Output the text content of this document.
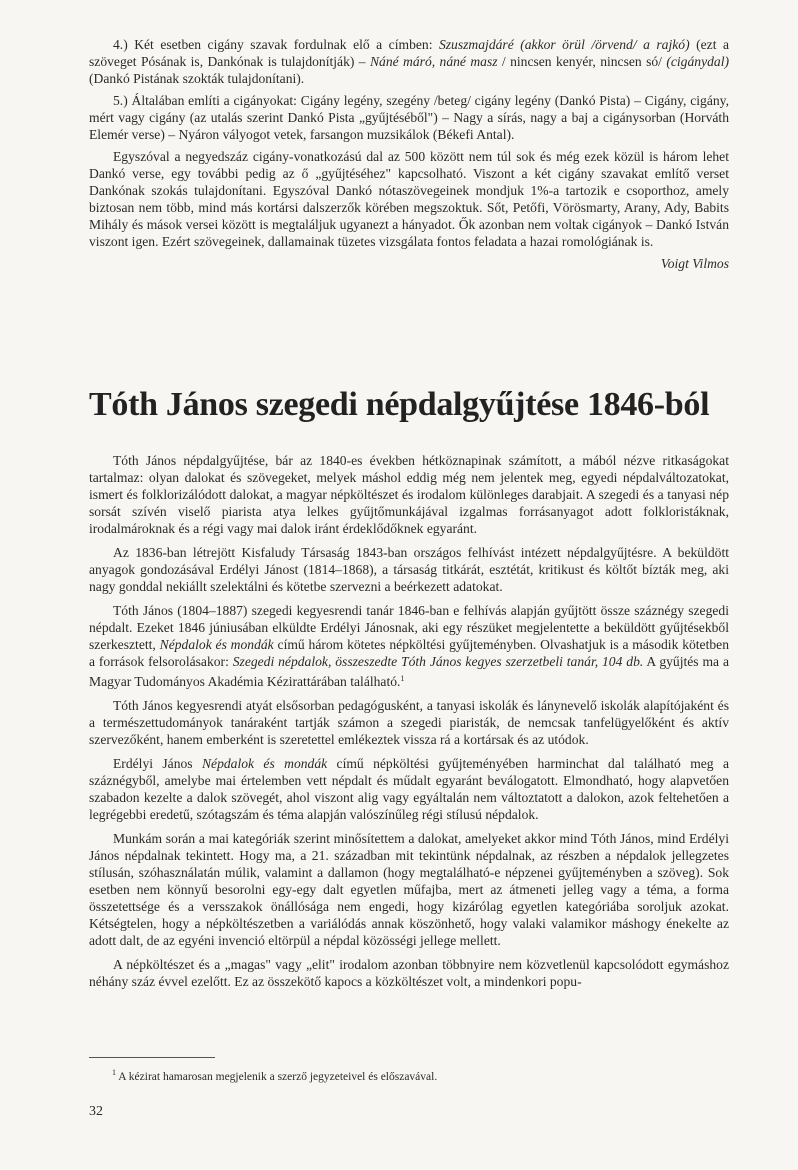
4.) Két esetben cigány szavak fordulnak elő a címben: Szuszmajdáré (akkor örül /örvend/ a rajkó) (ezt a szöveget Pósának is, Dankónak is tulajdonítják) – Náné máró, náné masz / nincsen kenyér, nincsen só/ (cigánydal) (Dankó Pistának szokták tulajdonítani).

5.) Általában említi a cigányokat: Cigány legény, szegény /beteg/ cigány legény (Dankó Pista) – Cigány, cigány, mért vagy cigány (az utalás szerint Dankó Pista „gyűjtéséből") – Nagy a sírás, nagy a baj a cigánysorban (Horváth Elemér verse) – Nyáron vályogot vetek, farsangon muzsikálok (Békefi Antal).

Egyszóval a negyedszáz cigány-vonatkozású dal az 500 között nem túl sok és még ezek közül is három lehet Dankó verse, egy további pedig az ő „gyűjtéséhez" kapcsolható. Viszont a két cigány szavakat említő verset Dankónak szokás tulajdonítani. Egyszóval Dankó nótaszövegeinek mondjuk 1%-a tartozik e csoporthoz, amely biztosan nem több, mind más kortársi dalszerzők körében megszoktuk. Sőt, Petőfi, Vörösmarty, Arany, Ady, Babits Mihály és mások versei között is megtaláljuk ugyanezt a hányadot. Ők azonban nem voltak cigányok – Dankó István viszont igen. Ezért szövegeinek, dallamainak tüzetes vizsgálata fontos feladata a hazai romológiának is.

Voigt Vilmos

Tóth János szegedi népdalgyűjtése 1846-ból

Tóth János népdalgyűjtése, bár az 1840-es években hétköznapinak számított, a mából nézve ritkaságokat tartalmaz: olyan dalokat és szövegeket, melyek máshol eddig még nem jelentek meg, egyedi népdalváltozatokat, ismert és folklorizálódott dalokat, a magyar népköltészet és irodalom különleges darabjait. A szegedi és a tanyasi nép sorsát szívén viselő piarista atya lelkes gyűjtőmunkájával izgalmas forrásanyagot adott folkloristáknak, irodalmároknak és a régi vagy mai dalok iránt érdeklődőknek egyaránt.

Az 1836-ban létrejött Kisfaludy Társaság 1843-ban országos felhívást intézett népdalgyűjtésre. A beküldött anyagok gondozásával Erdélyi Jánost (1814–1868), a társaság titkárát, esztétát, kritikust és költőt bízták meg, aki nagy gonddal nekiállt szelektálni és kötetbe szervezni a beérkezett adatokat.

Tóth János (1804–1887) szegedi kegyesrendi tanár 1846-ban e felhívás alapján gyűjtött össze száznégy szegedi népdalt. Ezeket 1846 júniusában elküldte Erdélyi Jánosnak, aki egy részüket megjelentette a beküldött gyűjtésekből szerkesztett, Népdalok és mondák című három kötetes népköltési gyűjteményben. Olvashatjuk is a második kötetben a források felsorolásakor: Szegedi népdalok, összeszedte Tóth János kegyes szerzetbeli tanár, 104 db. A gyűjtés ma a Magyar Tudományos Akadémia Kézirattárában található.$^1$

Tóth János kegyesrendi atyát elsősorban pedagógusként, a tanyasi iskolák és lánynevelő iskolák alapítójaként és a természettudományok tanáraként tartják számon a szegedi piaristák, de nemcsak tanfelügyelőként és aktív szervezőként, hanem emberként is szeretettel emlékeztek vissza rá a kortársak és az utódok.

Erdélyi János Népdalok és mondák című népköltési gyűjteményében harminchat dal található meg a száznégyből, amelybe mai értelemben vett népdalt és műdalt egyaránt beválogatott. Elmondható, hogy alapvetően szabadon kezelte a dalok szövegét, ahol viszont alig vagy egyáltalán nem változtatott a dalokon, azok feltehetően a legrégebbi eredetű, szótagszám és téma alapján valószínűleg régi stílusú népdalok.

Munkám során a mai kategóriák szerint minősítettem a dalokat, amelyeket akkor mind Tóth János, mind Erdélyi János népdalnak tekintett. Hogy ma, a 21. században mit tekintünk népdalnak, az részben a népdalok jellegzetes stílusán, szóhasználatán múlik, valamint a dallamon (hogy megtalálható-e népzenei gyűjteményben a szöveg). Sok esetben nem könnyű besorolni egy-egy dalt egyetlen műfajba, mert az átmeneti jelleg vagy a téma, a forma összetettsége és a versszakok önállósága nem engedi, hogy kizárólag egyetlen kategóriába soroljuk azokat. Kétségtelen, hogy a népköltészetben a variálódás annak köszönhető, hogy valaki valamikor máshogy énekelte az adott dalt, de az egyéni invenció eltörpül a népdal közösségi jellege mellett.

A népköltészet és a „magas" vagy „elit" irodalom azonban többnyire nem közvetlenül kapcsolódott egymáshoz néhány száz évvel ezelőtt. Ez az összekötő kapocs a közköltészet volt, a mindenkori popu-

$^1$ A kézirat hamarosan megjelenik a szerző jegyzeteivel és előszavával.
32
